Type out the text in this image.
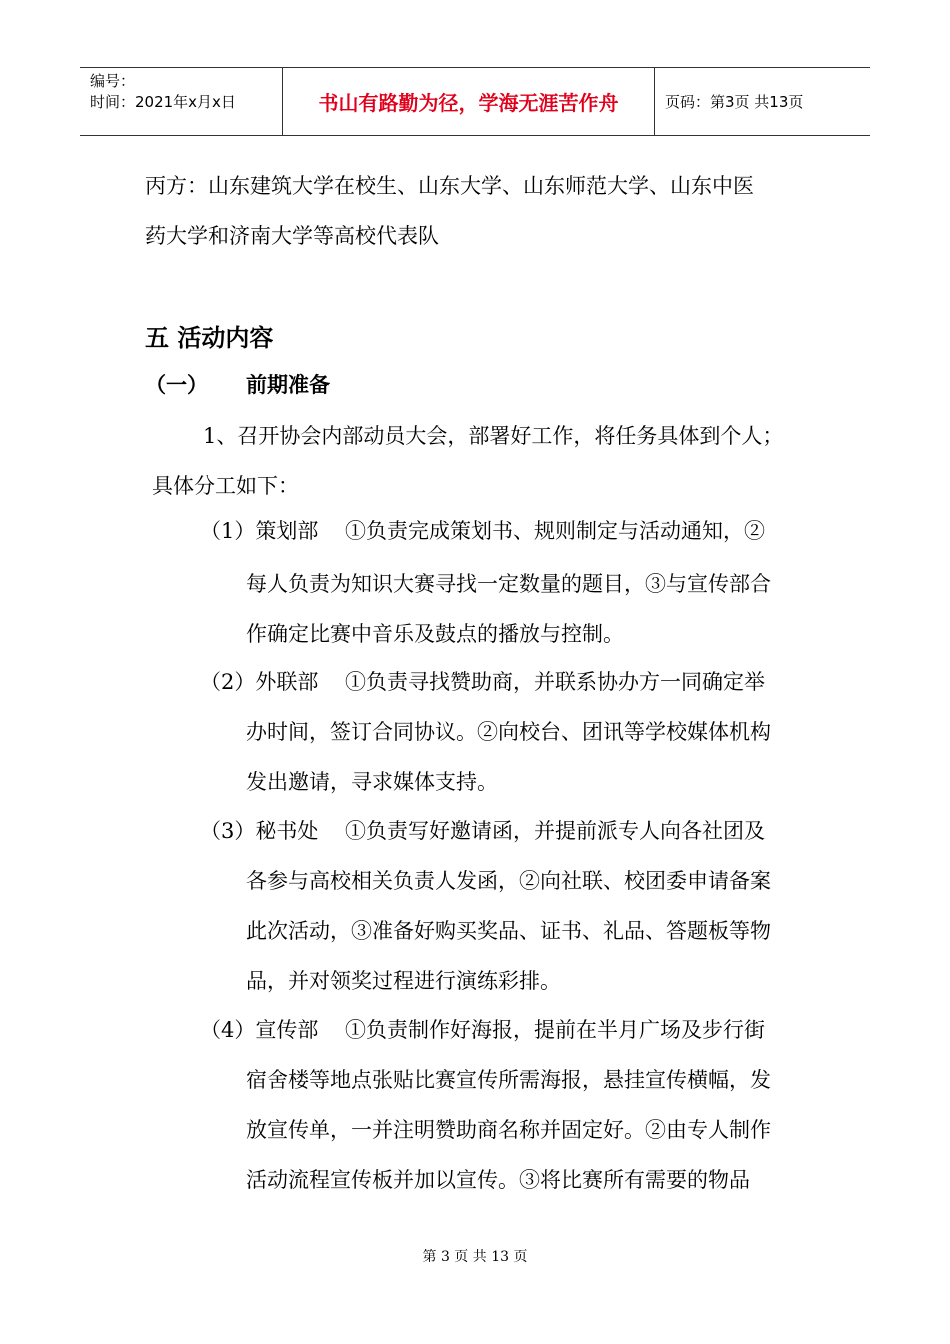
编号：
时间：2021年x月x日	书山有路勤为径，学海无涯苦作舟	页码：第3页 共13页
丙方：山东建筑大学在校生、山东大学、山东师范大学、山东中医
药大学和济南大学等高校代表队
五 活动内容
（一） 前期准备
1、召开协会内部动员大会，部署好工作，将任务具体到个人；
具体分工如下：
（1）策划部 ①负责完成策划书、规则制定与活动通知，②
每人负责为知识大赛寻找一定数量的题目，③与宣传部合
作确定比赛中音乐及鼓点的播放与控制。
（2）外联部 ①负责寻找赞助商，并联系协办方一同确定举
办时间，签订合同协议。②向校台、团讯等学校媒体机构
发出邀请，寻求媒体支持。
（3）秘书处 ①负责写好邀请函，并提前派专人向各社团及
各参与高校相关负责人发函，②向社联、校团委申请备案
此次活动，③准备好购买奖品、证书、礼品、答题板等物
品，并对领奖过程进行演练彩排。
（4）宣传部 ①负责制作好海报，提前在半月广场及步行街
宿舍楼等地点张贴比赛宣传所需海报，悬挂宣传横幅，发
放宣传单，一并注明赞助商名称并固定好。②由专人制作
活动流程宣传板并加以宣传。③将比赛所有需要的物品
第 3 页 共 13 页
